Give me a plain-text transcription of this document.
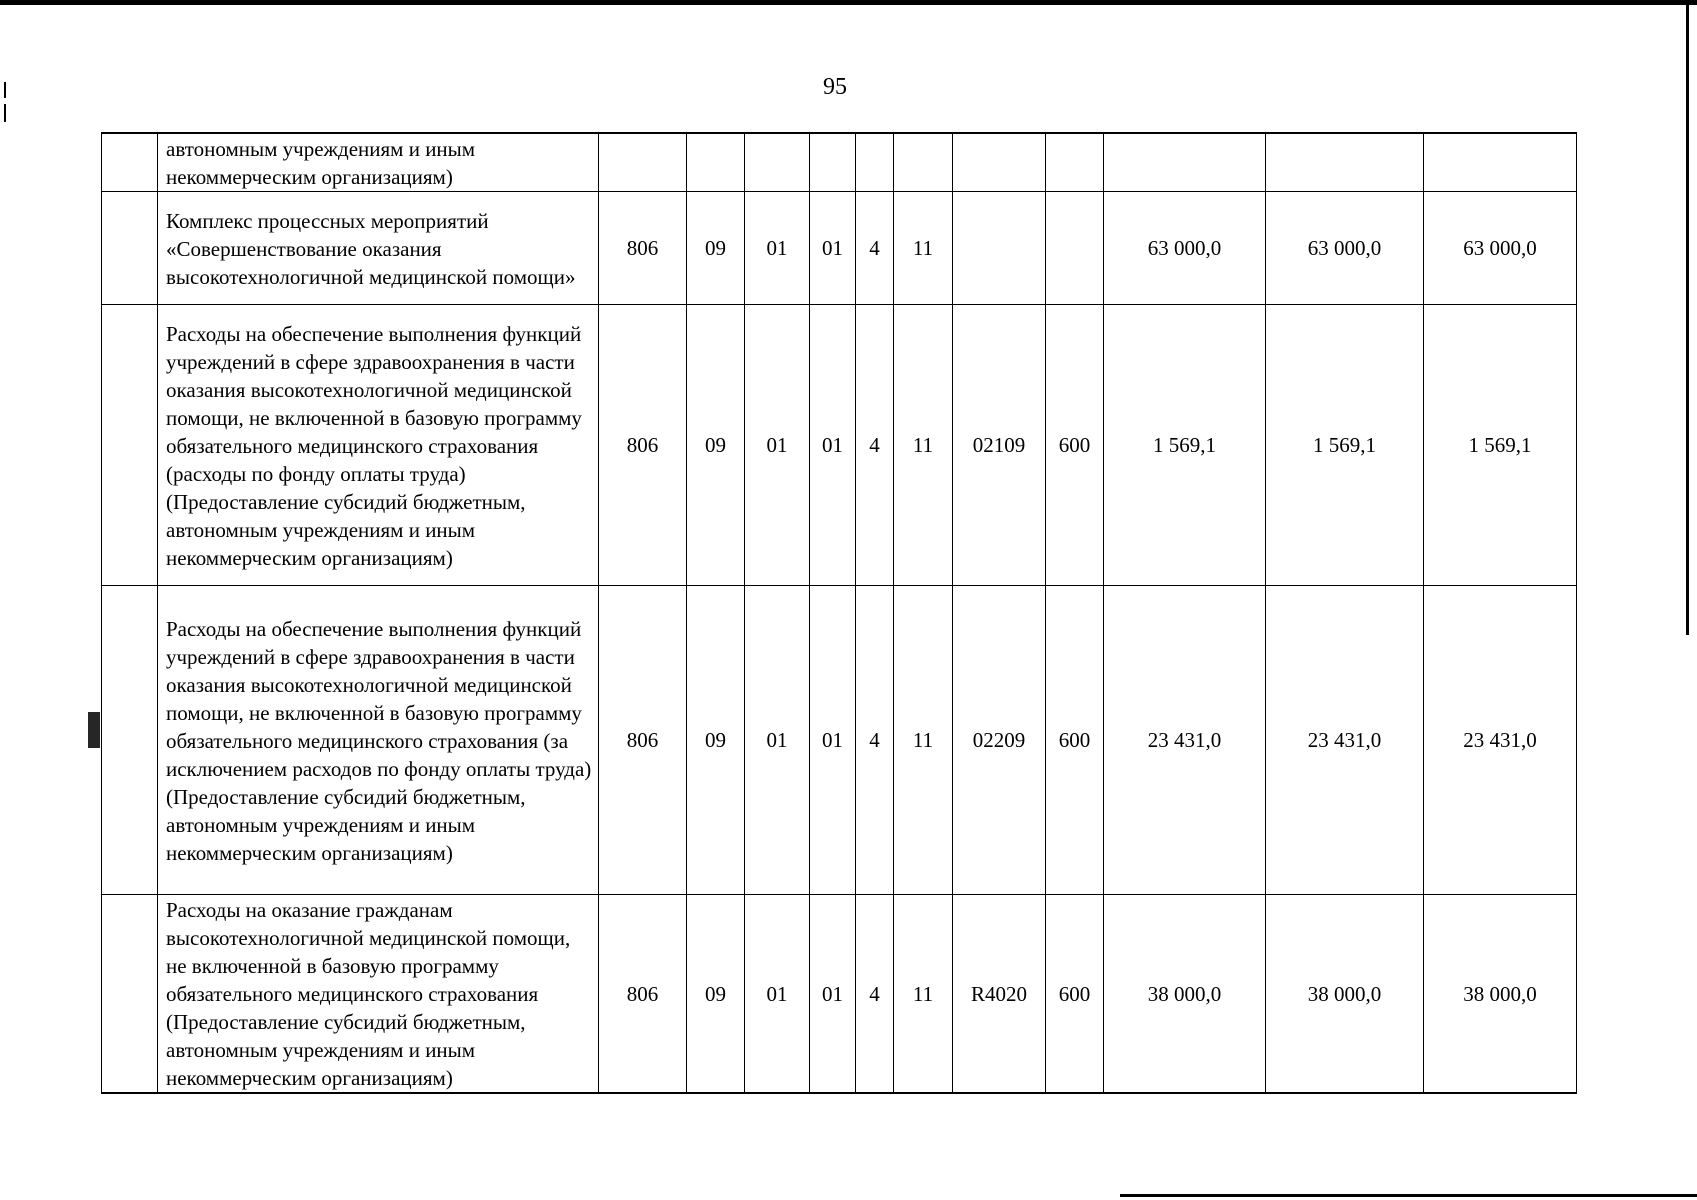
95
	автономным учреждениям и иным некоммерческим организациям)											
	Комплекс процессных мероприятий «Совершенствование оказания высокотехнологичной медицинской помощи»	806	09	01	01	4	11			63 000,0	63 000,0	63 000,0
	Расходы на обеспечение выполнения функций учреждений в сфере здравоохранения в части оказания высокотехнологичной медицинской помощи, не включенной в базовую программу обязательного медицинского страхования (расходы по фонду оплаты труда) (Предоставление субсидий бюджетным, автономным учреждениям и иным некоммерческим организациям)	806	09	01	01	4	11	02109	600	1 569,1	1 569,1	1 569,1
	Расходы на обеспечение выполнения функций учреждений в сфере здравоохранения в части оказания высокотехнологичной медицинской помощи, не включенной в базовую программу обязательного медицинского страхования (за исключением расходов по фонду оплаты труда) (Предоставление субсидий бюджетным, автономным учреждениям и иным некоммерческим организациям)	806	09	01	01	4	11	02209	600	23 431,0	23 431,0	23 431,0
	Расходы на оказание гражданам высокотехнологичной медицинской помощи, не включенной в базовую программу обязательного медицинского страхования (Предоставление субсидий бюджетным, автономным учреждениям и иным некоммерческим организациям)	806	09	01	01	4	11	R4020	600	38 000,0	38 000,0	38 000,0
